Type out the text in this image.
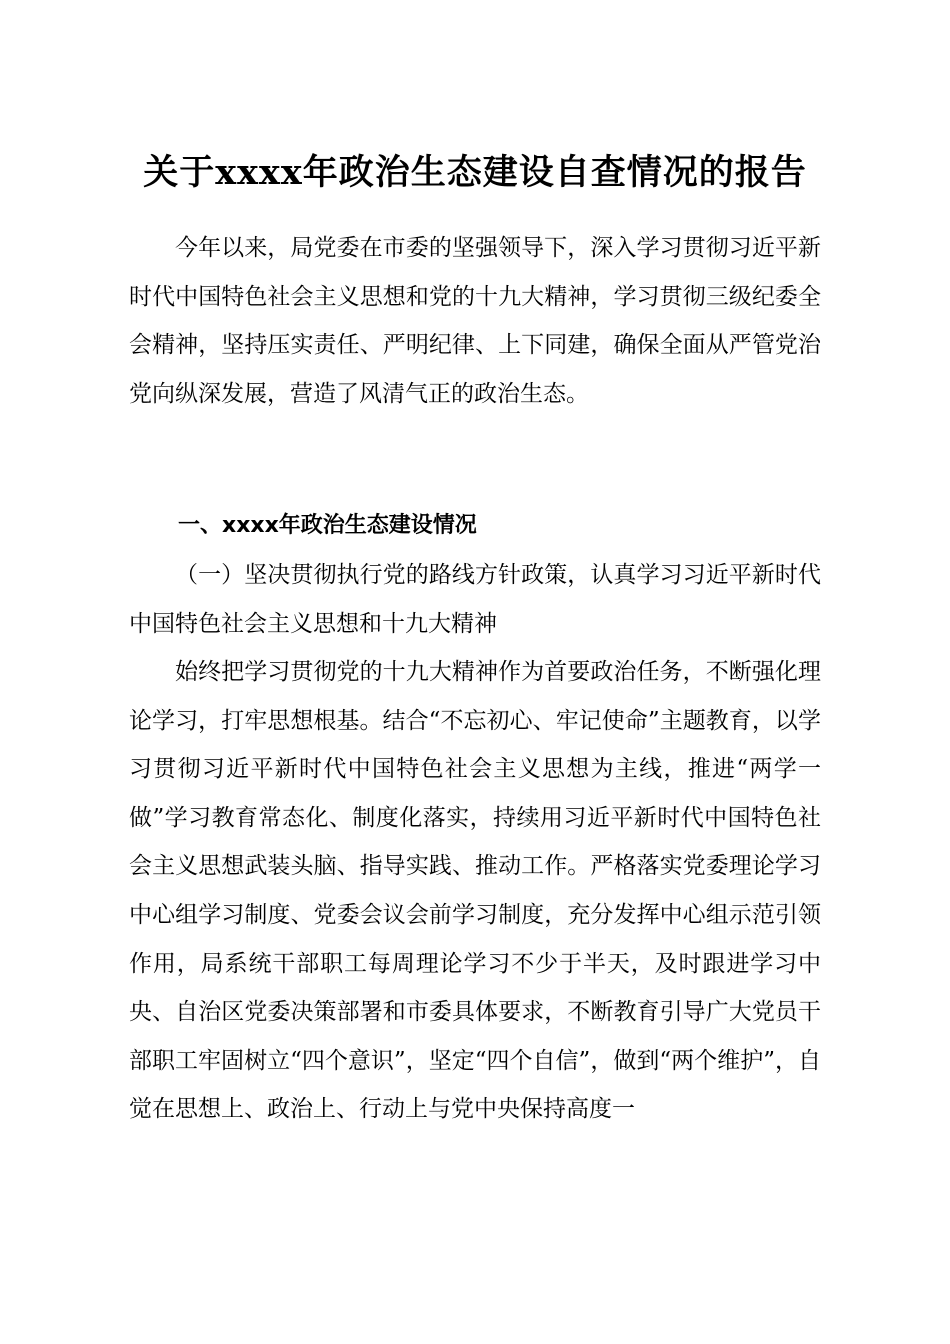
关于xxxx年政治生态建设自查情况的报告

今年以来，局党委在市委的坚强领导下，深入学习贯彻习近平新时代中国特色社会主义思想和党的十九大精神，学习贯彻三级纪委全会精神，坚持压实责任、严明纪律、上下同建，确保全面从严管党治党向纵深发展，营造了风清气正的政治生态。

一、xxxx年政治生态建设情况

（一）坚决贯彻执行党的路线方针政策，认真学习习近平新时代中国特色社会主义思想和十九大精神

始终把学习贯彻党的十九大精神作为首要政治任务，不断强化理论学习，打牢思想根基。结合“不忘初心、牢记使命”主题教育，以学习贯彻习近平新时代中国特色社会主义思想为主线，推进“两学一做”学习教育常态化、制度化落实，持续用习近平新时代中国特色社会主义思想武装头脑、指导实践、推动工作。严格落实党委理论学习中心组学习制度、党委会议会前学习制度，充分发挥中心组示范引领作用，局系统干部职工每周理论学习不少于半天，及时跟进学习中央、自治区党委决策部署和市委具体要求，不断教育引导广大党员干部职工牢固树立“四个意识”，坚定“四个自信”，做到“两个维护”，自觉在思想上、政治上、行动上与党中央保持高度一
